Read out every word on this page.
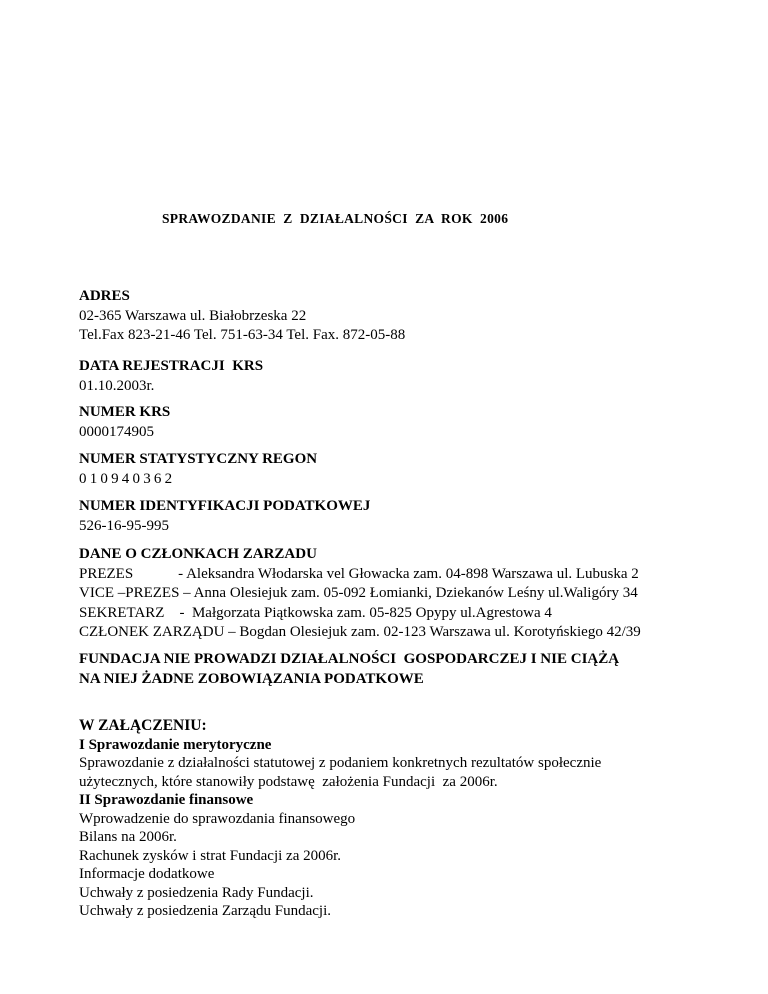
SPRAWOZDANIE  Z  DZIAŁALNOŚCI  ZA  ROK  2006
ADRES
02-365 Warszawa ul. Białobrzeska 22
Tel.Fax 823-21-46 Tel. 751-63-34 Tel. Fax. 872-05-88
DATA REJESTRACJI  KRS
01.10.2003r.
NUMER KRS
0000174905
NUMER STATYSTYCZNY REGON
010940362
NUMER IDENTYFIKACJI PODATKOWEJ
526-16-95-995
DANE O CZŁONKACH ZARZADU
PREZES            - Aleksandra Włodarska vel Głowacka zam. 04-898 Warszawa ul. Lubuska 2
VICE –PREZES – Anna Olesiejuk zam. 05-092 Łomianki, Dziekanów Leśny ul.Waligóry 34
SEKRETARZ    -  Małgorzata Piątkowska zam. 05-825 Opypy ul.Agrestowa 4
CZŁONEK ZARZĄDU – Bogdan Olesiejuk zam. 02-123 Warszawa ul. Korotyńskiego 42/39
FUNDACJA NIE PROWADZI DZIAŁALNOŚCI  GOSPODARCZEJ I NIE CIĄŻĄ
NA NIEJ ŻADNE ZOBOWIĄZANIA PODATKOWE
W ZAŁĄCZENIU:
I Sprawozdanie merytoryczne
Sprawozdanie z działalności statutowej z podaniem konkretnych rezultatów społecznie
użytecznych, które stanowiły podstawę  założenia Fundacji  za 2006r.
II Sprawozdanie finansowe
Wprowadzenie do sprawozdania finansowego
Bilans na 2006r.
Rachunek zysków i strat Fundacji za 2006r.
Informacje dodatkowe
Uchwały z posiedzenia Rady Fundacji.
Uchwały z posiedzenia Zarządu Fundacji.
